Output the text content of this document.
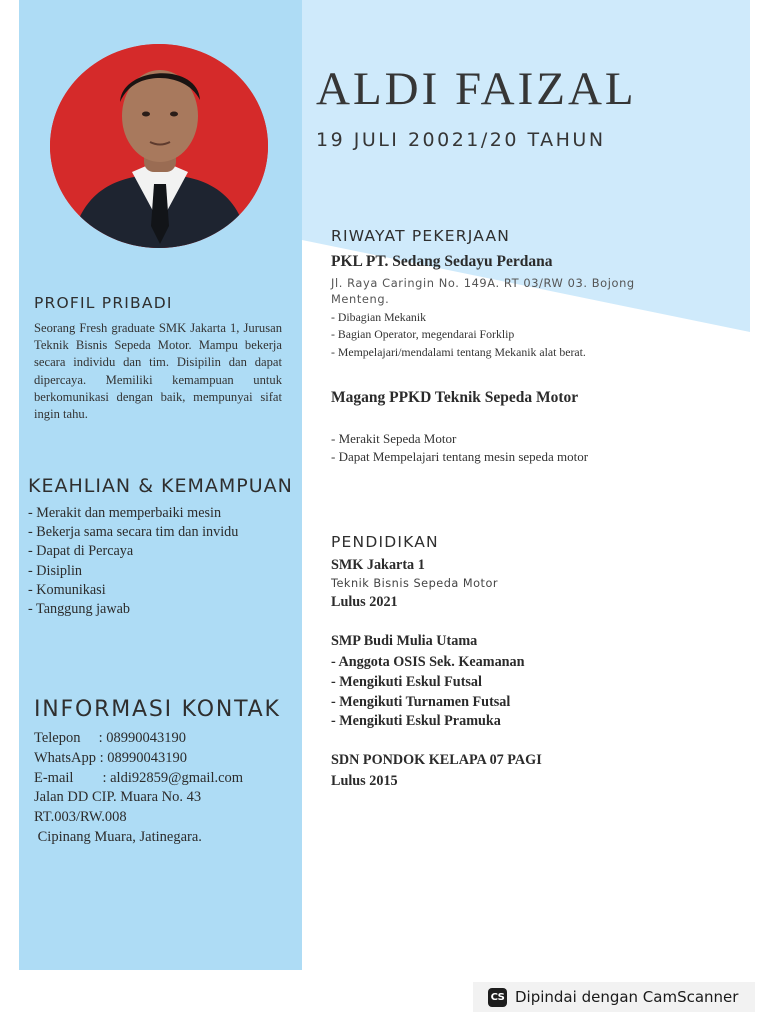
ALDI FAIZAL
19 JULI 20021/20 TAHUN
PROFIL PRIBADI
Seorang Fresh graduate SMK Jakarta 1, Jurusan Teknik Bisnis Sepeda Motor. Mampu bekerja secara individu dan tim. Disipilin dan dapat dipercaya. Memiliki kemampuan untuk berkomunikasi dengan baik, mempunyai sifat ingin tahu.
KEAHLIAN & KEMAMPUAN
- Merakit dan memperbaiki mesin
- Bekerja sama secara tim dan invidu
- Dapat di Percaya
- Disiplin
- Komunikasi
- Tanggung jawab
INFORMASI KONTAK
Telepon     : 08990043190
WhatsApp : 08990043190
E-mail        : aldi92859@gmail.com
Jalan DD CIP. Muara No. 43
RT.003/RW.008
Cipinang Muara, Jatinegara.
RIWAYAT PEKERJAAN
PKL PT. Sedang Sedayu Perdana
Jl. Raya Caringin No. 149A. RT 03/RW 03. Bojong Menteng.
- Dibagian Mekanik
- Bagian Operator, megendarai Forklip
- Mempelajari/mendalami tentang Mekanik alat berat.
Magang PPKD Teknik Sepeda Motor
- Merakit Sepeda Motor
- Dapat Mempelajari tentang mesin sepeda motor
PENDIDIKAN
SMK Jakarta 1
Teknik Bisnis Sepeda Motor
Lulus 2021
SMP Budi Mulia Utama
- Anggota OSIS Sek. Keamanan
- Mengikuti Eskul Futsal
- Mengikuti Turnamen Futsal
- Mengikuti Eskul Pramuka
SDN PONDOK KELAPA 07 PAGI
Lulus 2015
CS Dipindai dengan CamScanner
